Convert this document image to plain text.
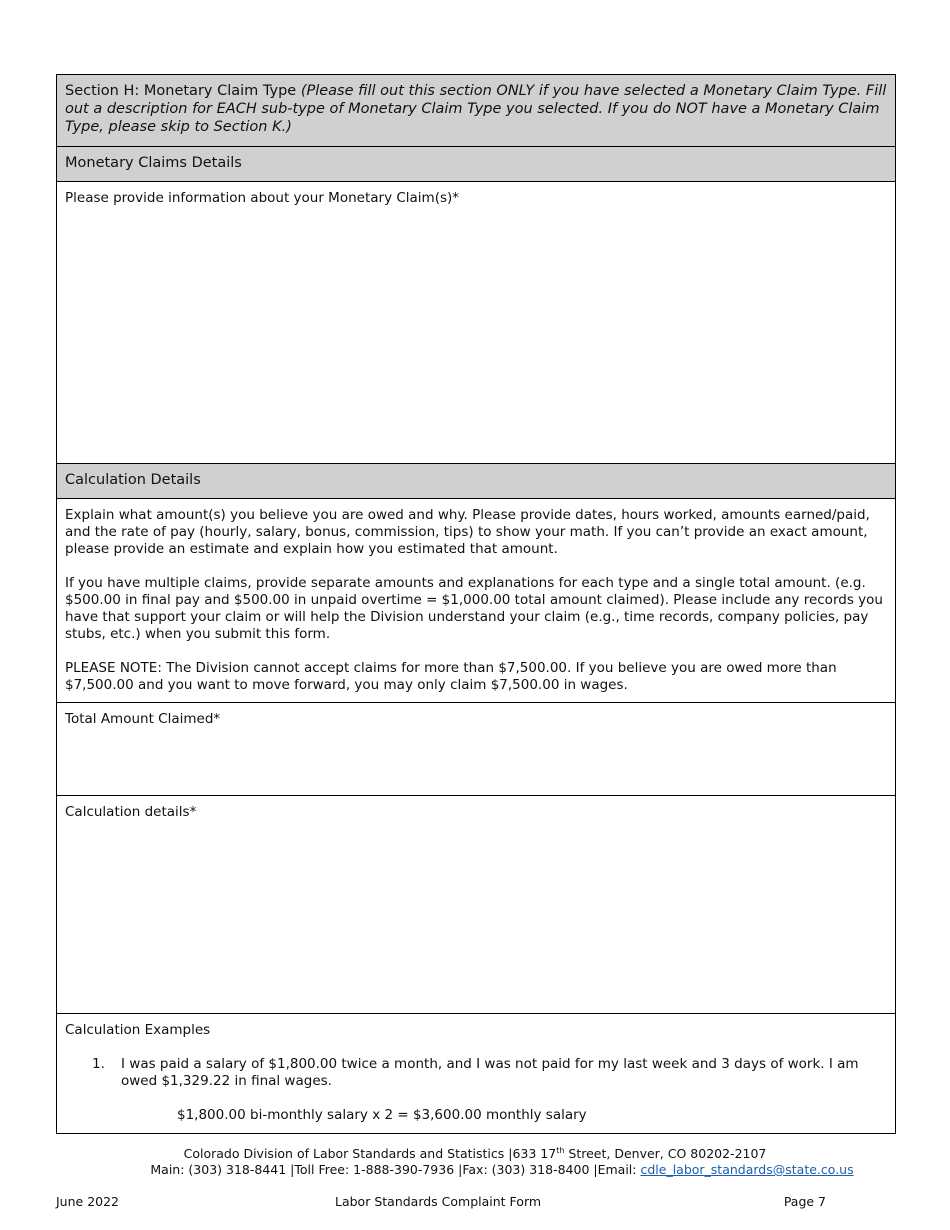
Section H: Monetary Claim Type (Please fill out this section ONLY if you have selected a Monetary Claim Type. Fill out a description for EACH sub-type of Monetary Claim Type you selected. If you do NOT have a Monetary Claim Type, please skip to Section K.)
Monetary Claims Details
Please provide information about your Monetary Claim(s)*
Calculation Details

Explain what amount(s) you believe you are owed and why. Please provide dates, hours worked, amounts earned/paid, and the rate of pay (hourly, salary, bonus, commission, tips) to show your math. If you can’t provide an exact amount, please provide an estimate and explain how you estimated that amount.

If you have multiple claims, provide separate amounts and explanations for each type and a single total amount. (e.g. $500.00 in final pay and $500.00 in unpaid overtime = $1,000.00 total amount claimed). Please include any records you have that support your claim or will help the Division understand your claim (e.g., time records, company policies, pay stubs, etc.) when you submit this form.

PLEASE NOTE: The Division cannot accept claims for more than $7,500.00. If you believe you are owed more than $7,500.00 and you want to move forward, you may only claim $7,500.00 in wages.

Total Amount Claimed*
Calculation details*
Calculation Examples
1.	I was paid a salary of $1,800.00 twice a month, and I was not paid for my last week and 3 days of work. I am owed $1,329.22 in final wages.
$1,800.00 bi-monthly salary x 2 = $3,600.00 monthly salary
Colorado Division of Labor Standards and Statistics |633 17th Street, Denver, CO 80202-2107
Main: (303) 318-8441 |Toll Free: 1-888-390-7936 |Fax: (303) 318-8400 |Email: cdle_labor_standards@state.co.us
June 2022	Labor Standards Complaint Form	Page 7
